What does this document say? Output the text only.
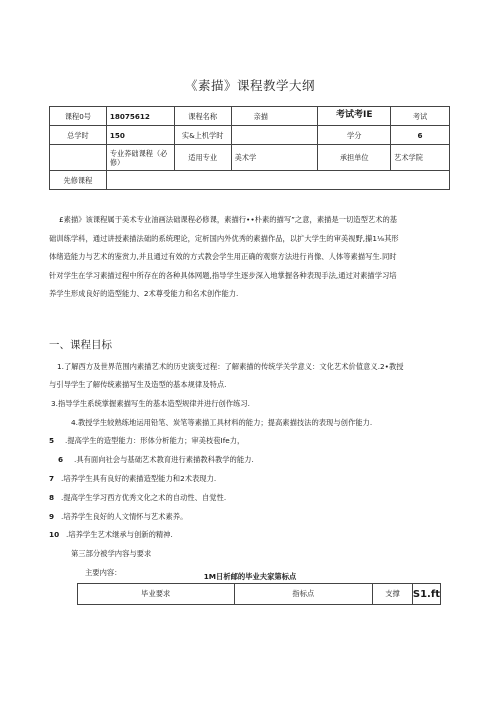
《素描》课程教学大纲
课程0号	18075612	课程名称	亲描	考试考IE	考试
总学时	150	实&上机学时		学分	6
	专业荞础课程（必修）	适用专业	美术学	承担单位	艺术学院
先修课程					
£素描》该课程属于美术专业油画法础课程必修课，素描行••朴素的描写”之意，素描是一切造型艺术的基
础训练学科，通过讲授素描法础的系统理论，定析国内外优秀的素描作品，以扩大学生的审美视野,攥1⅛其形
体绪造能力与艺术的鉴赏力,并且通过有效的方式教会学生用正确的观察方法进行肖像、人体等素描写生.同时
针对学生在学习素描过程中所存在的各种具体网题,指导学生逐步深入地掌握各种表现手法,通过对素描学习培
养学生形成良好的造型能力、2术尊受能力和名术创作能力.
一、课程目标
1.了解西方及世界范围内素描艺术的历史演变过程：了解素描的传统学关学意义：文化艺术价值意义.2•教授
与引导学生了解传统素描写生及造型的基本规律及特点.
3.指导学生系统掌握素描写生的基本造型规律并进行创作练习.
4.教授学生较熟练地运用铅笔、炭笔等素描工具材料的能力；提高素描技法的表现与创作能力.
5 .提高学生的造型能力：形体分析能力；审美枝苞Ife力，
6 .具有面向社会与基础艺术教育进行素描教科教学的能力.
7 .培养学生具有良好的素描造型能力和2术表现力.
8 .提高学生学习西方优秀文化之术的自动性、自觉性.
9 .培养学生良好的人文情怀与艺术素养。
10 .培养学生艺术继承与创新的精神.
第三部分被学内容与要求
主要内容：	1M日析邮的毕业夫家第标点
毕业要求	指标点	支撑	S1.ft
